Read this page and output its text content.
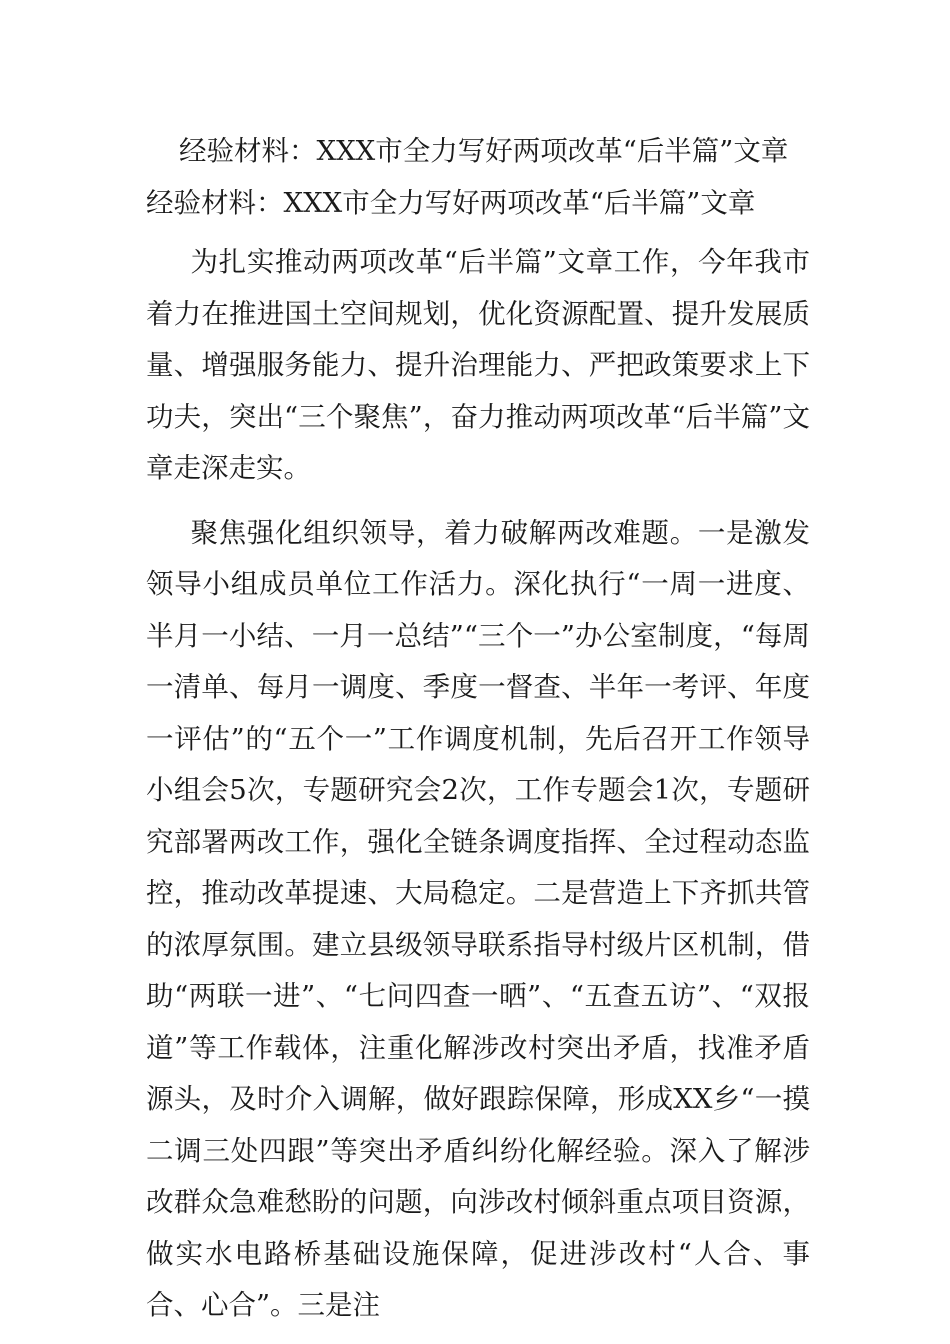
经验材料：XXX市全力写好两项改革“后半篇”文章
经验材料：XXX市全力写好两项改革“后半篇”文章

为扎实推动两项改革“后半篇”文章工作，今年我市着力在推进国土空间规划，优化资源配置、提升发展质量、增强服务能力、提升治理能力、严把政策要求上下功夫，突出“三个聚焦”，奋力推动两项改革“后半篇”文章走深走实。

聚焦强化组织领导，着力破解两改难题。一是激发领导小组成员单位工作活力。深化执行“一周一进度、半月一小结、一月一总结”“三个一”办公室制度，“每周一清单、每月一调度、季度一督查、半年一考评、年度一评估”的“五个一”工作调度机制，先后召开工作领导小组会5次，专题研究会2次，工作专题会1次，专题研究部署两改工作，强化全链条调度指挥、全过程动态监控，推动改革提速、大局稳定。二是营造上下齐抓共管的浓厚氛围。建立县级领导联系指导村级片区机制，借助“两联一进”、“七问四查一晒”、“五查五访”、“双报道”等工作载体，注重化解涉改村突出矛盾，找准矛盾源头，及时介入调解，做好跟踪保障，形成XX乡“一摸二调三处四跟”等突出矛盾纠纷化解经验。深入了解涉改群众急难愁盼的问题，向涉改村倾斜重点项目资源，做实水电路桥基础设施保障，促进涉改村“人合、事合、心合”。三是注
